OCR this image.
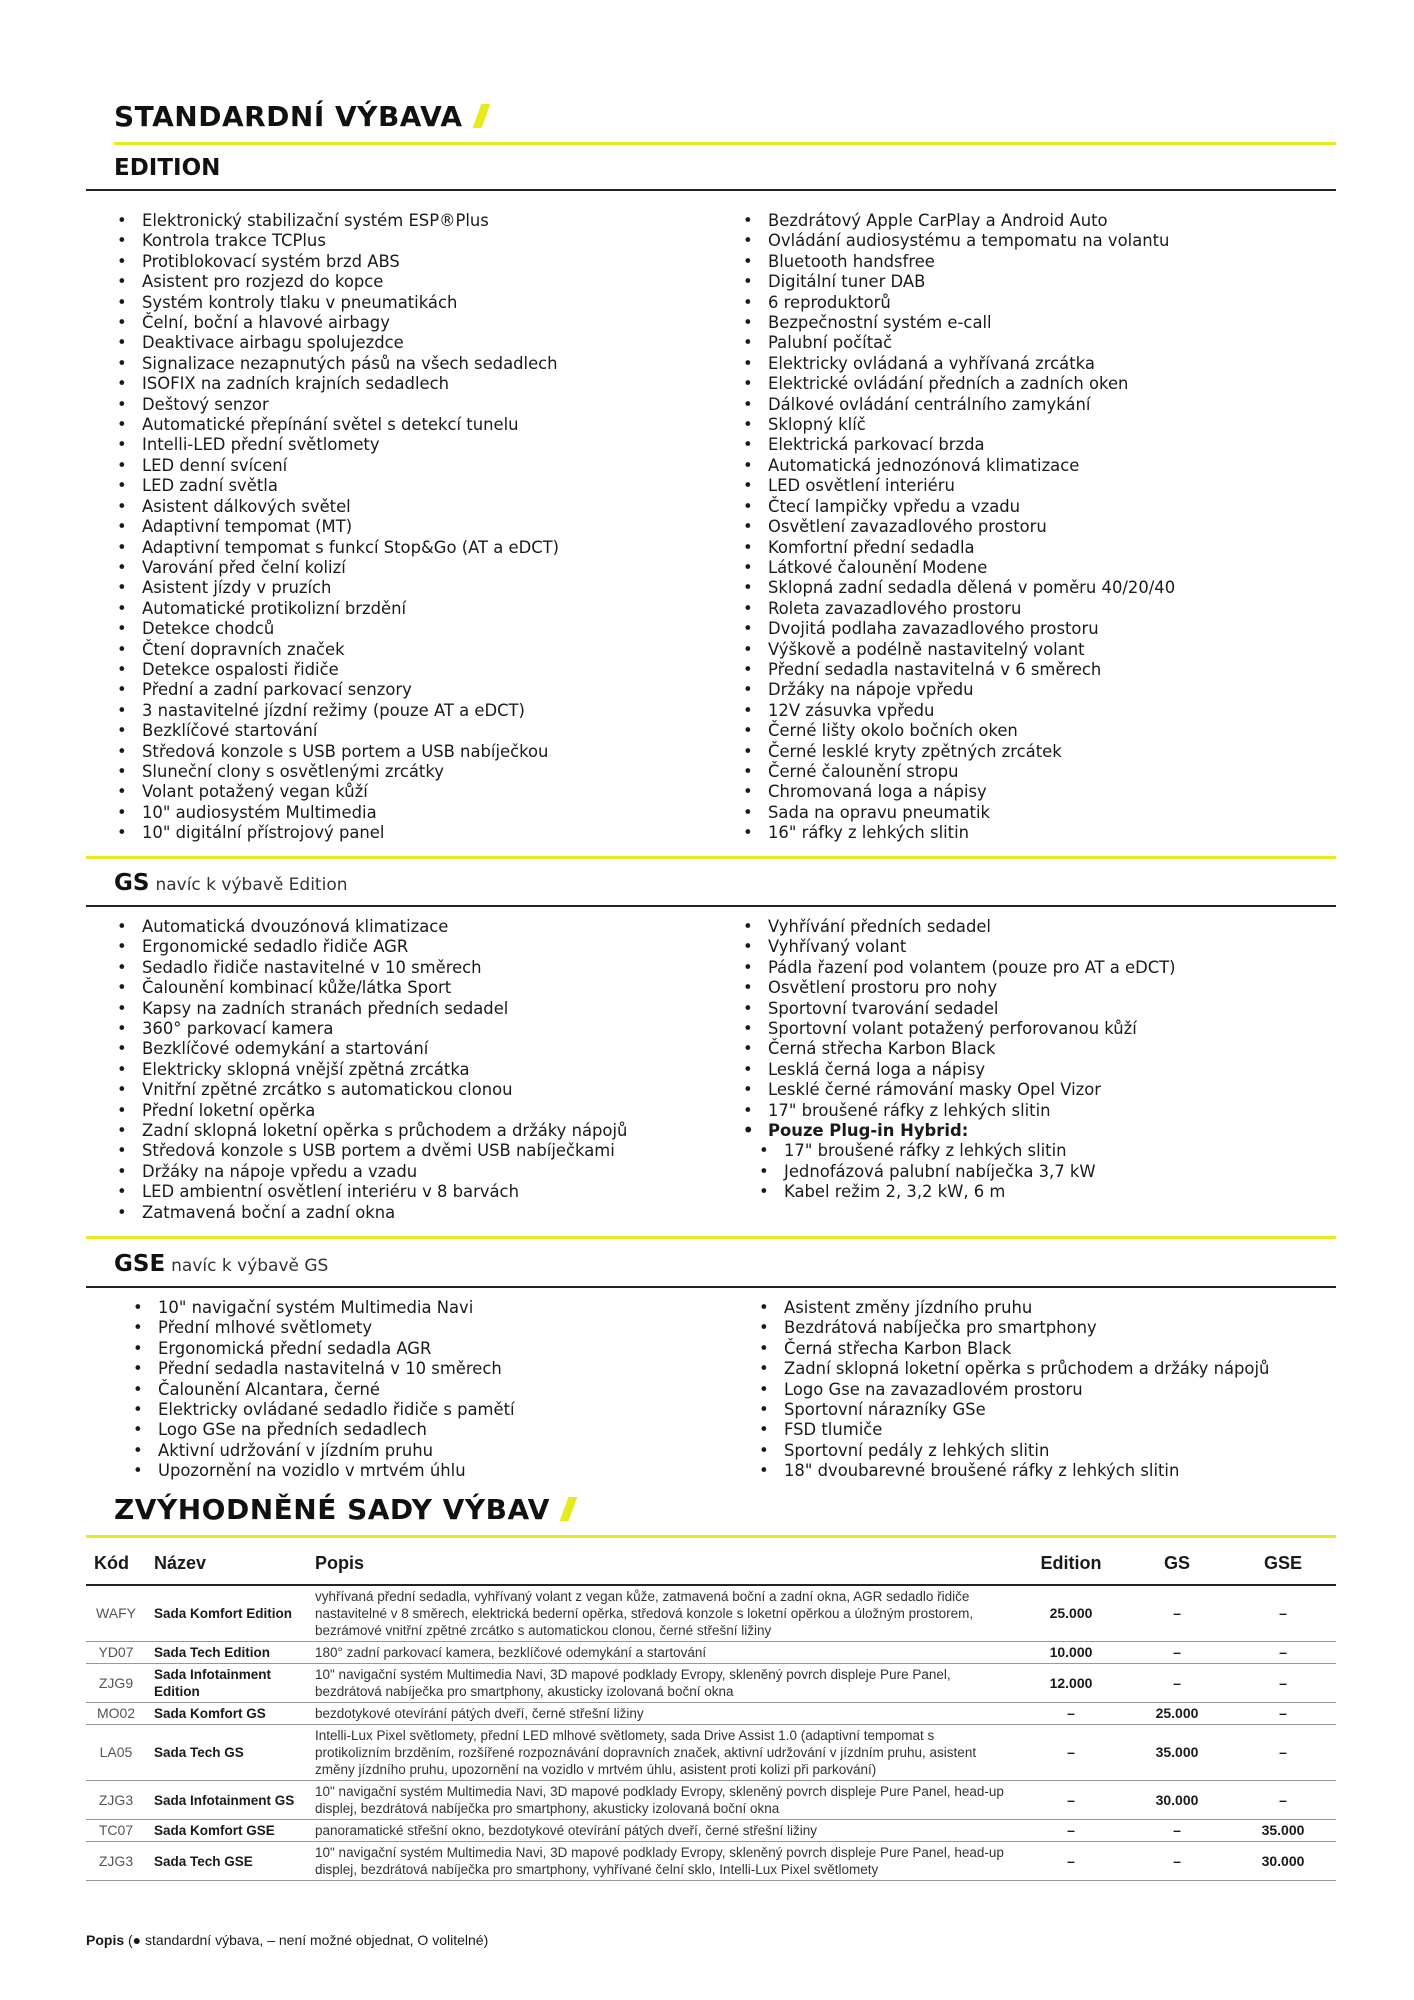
STANDARDNÍ VÝBAVA
EDITION
• Elektronický stabilizační systém ESP®Plus
• Kontrola trakce TCPlus
• Protiblokovací systém brzd ABS
• Asistent pro rozjezd do kopce
• Systém kontroly tlaku v pneumatikách
• Čelní, boční a hlavové airbagy
• Deaktivace airbagu spolujezdce
• Signalizace nezapnutých pásů na všech sedadlech
• ISOFIX na zadních krajních sedadlech
• Deštový senzor
• Automatické přepínání světel s detekcí tunelu
• Intelli-LED přední světlomety
• LED denní svícení
• LED zadní světla
• Asistent dálkových světel
• Adaptivní tempomat (MT)
• Adaptivní tempomat s funkcí Stop&Go (AT a eDCT)
• Varování před čelní kolizí
• Asistent jízdy v pruzích
• Automatické protikolizní brzdění
• Detekce chodců
• Čtení dopravních značek
• Detekce ospalosti řidiče
• Přední a zadní parkovací senzory
• 3 nastavitelné jízdní režimy (pouze AT a eDCT)
• Bezklíčové startování
• Středová konzole s USB portem a USB nabíječkou
• Sluneční clony s osvětlenými zrcátky
• Volant potažený vegan kůží
• 10" audiosystém Multimedia
• 10" digitální přístrojový panel
• Bezdrátový Apple CarPlay a Android Auto
• Ovládání audiosystému a tempomatu na volantu
• Bluetooth handsfree
• Digitální tuner DAB
• 6 reproduktorů
• Bezpečnostní systém e-call
• Palubní počítač
• Elektricky ovládaná a vyhřívaná zrcátka
• Elektrické ovládání předních a zadních oken
• Dálkové ovládání centrálního zamykání
• Sklopný klíč
• Elektrická parkovací brzda
• Automatická jednozónová klimatizace
• LED osvětlení interiéru
• Čtecí lampičky vpředu a vzadu
• Osvětlení zavazadlového prostoru
• Komfortní přední sedadla
• Látkové čalounění Modene
• Sklopná zadní sedadla dělená v poměru 40/20/40
• Roleta zavazadlového prostoru
• Dvojitá podlaha zavazadlového prostoru
• Výškově a podélně nastavitelný volant
• Přední sedadla nastavitelná v 6 směrech
• Držáky na nápoje vpředu
• 12V zásuvka vpředu
• Černé lišty okolo bočních oken
• Černé lesklé kryty zpětných zrcátek
• Černé čalounění stropu
• Chromovaná loga a nápisy
• Sada na opravu pneumatik
• 16" ráfky z lehkých slitin
GS navíc k výbavě Edition
• Automatická dvouzónová klimatizace
• Ergonomické sedadlo řidiče AGR
• Sedadlo řidiče nastavitelné v 10 směrech
• Čalounění kombinací kůže/látka Sport
• Kapsy na zadních stranách předních sedadel
• 360° parkovací kamera
• Bezklíčové odemykání a startování
• Elektricky sklopná vnější zpětná zrcátka
• Vnitřní zpětné zrcátko s automatickou clonou
• Přední loketní opěrka
• Zadní sklopná loketní opěrka s průchodem a držáky nápojů
• Středová konzole s USB portem a dvěmi USB nabíječkami
• Držáky na nápoje vpředu a vzadu
• LED ambientní osvětlení interiéru v 8 barvách
• Zatmavená boční a zadní okna
• Vyhřívání předních sedadel
• Vyhřívaný volant
• Pádla řazení pod volantem (pouze pro AT a eDCT)
• Osvětlení prostoru pro nohy
• Sportovní tvarování sedadel
• Sportovní volant potažený perforovanou kůží
• Černá střecha Karbon Black
• Lesklá černá loga a nápisy
• Lesklé černé rámování masky Opel Vizor
• 17" broušené ráfky z lehkých slitin
• Pouze Plug-in Hybrid:
• 17" broušené ráfky z lehkých slitin
• Jednofázová palubní nabíječka 3,7 kW
• Kabel režim 2, 3,2 kW, 6 m
GSE navíc k výbavě GS
• 10" navigační systém Multimedia Navi
• Přední mlhové světlomety
• Ergonomická přední sedadla AGR
• Přední sedadla nastavitelná v 10 směrech
• Čalounění Alcantara, černé
• Elektricky ovládané sedadlo řidiče s pamětí
• Logo GSe na předních sedadlech
• Aktivní udržování v jízdním pruhu
• Upozornění na vozidlo v mrtvém úhlu
• Asistent změny jízdního pruhu
• Bezdrátová nabíječka pro smartphony
• Černá střecha Karbon Black
• Zadní sklopná loketní opěrka s průchodem a držáky nápojů
• Logo Gse na zavazadlovém prostoru
• Sportovní nárazníky GSe
• FSD tlumiče
• Sportovní pedály z lehkých slitin
• 18" dvoubarevné broušené ráfky z lehkých slitin
ZVÝHODNĚNÉ SADY VÝBAV
Kód	Název	Popis	Edition	GS	GSE
WAFY	Sada Komfort Edition	vyhřívaná přední sedadla, vyhřívaný volant z vegan kůže, zatmavená boční a zadní okna, AGR sedadlo řidiče nastavitelné v 8 směrech, elektrická bederní opěrka, středová konzole s loketní opěrkou a úložným prostorem, bezrámové vnitřní zpětné zrcátko s automatickou clonou, černé střešní ližiny	25.000	–	–
YD07	Sada Tech Edition	180° zadní parkovací kamera, bezklíčové odemykání a startování	10.000	–	–
ZJG9	Sada Infotainment Edition	10" navigační systém Multimedia Navi, 3D mapové podklady Evropy, skleněný povrch displeje Pure Panel, bezdrátová nabíječka pro smartphony, akusticky izolovaná boční okna	12.000	–	–
MO02	Sada Komfort GS	bezdotykové otevírání pátých dveří, černé střešní ližiny	–	25.000	–
LA05	Sada Tech GS	Intelli-Lux Pixel světlomety, přední LED mlhové světlomety, sada Drive Assist 1.0 (adaptivní tempomat s protikolizním brzděním, rozšířené rozpoznávání dopravních značek, aktivní udržování v jízdním pruhu, asistent změny jízdního pruhu, upozornění na vozidlo v mrtvém úhlu, asistent proti kolizi při parkování)	–	35.000	–
ZJG3	Sada Infotainment GS	10" navigační systém Multimedia Navi, 3D mapové podklady Evropy, skleněný povrch displeje Pure Panel, head-up displej, bezdrátová nabíječka pro smartphony, akusticky izolovaná boční okna	–	30.000	–
TC07	Sada Komfort GSE	panoramatické střešní okno, bezdotykové otevírání pátých dveří, černé střešní ližiny	–	–	35.000
ZJG3	Sada Tech GSE	10" navigační systém Multimedia Navi, 3D mapové podklady Evropy, skleněný povrch displeje Pure Panel, head-up displej, bezdrátová nabíječka pro smartphony, vyhřívané čelní sklo, Intelli-Lux Pixel světlomety	–	–	30.000
Popis (● standardní výbava, – není možné objednat, O volitelné)
